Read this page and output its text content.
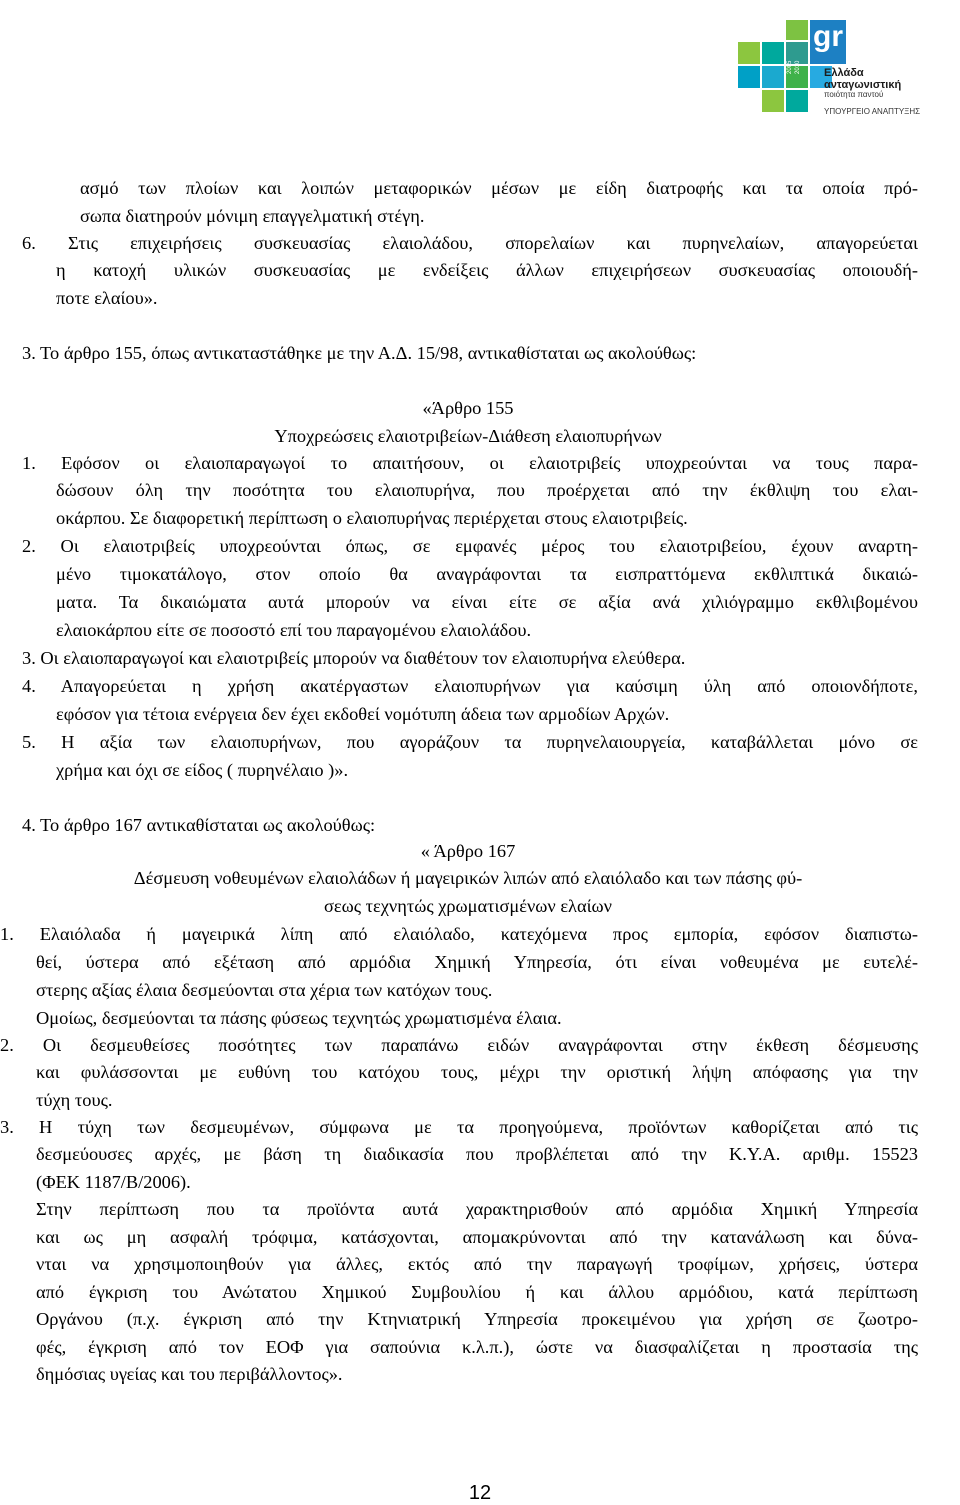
gr
2005 2010 Ελλάδα
ανταγωνιστική
ποιότητα παντού
ΥΠΟΥΡΓΕΙΟ ΑΝΑΠΤΥΞΗΣ
ασμό των πλοίων και λοιπών μεταφορικών μέσων με είδη διατροφής και τα οποία πρό-
σωπα διατηρούν μόνιμη επαγγελματική στέγη.
6. Στις επιχειρήσεις συσκευασίας ελαιολάδου, σπορελαίων και πυρηνελαίων, απαγορεύεται
η κατοχή υλικών συσκευασίας με ενδείξεις άλλων επιχειρήσεων συσκευασίας οποιουδή-
ποτε ελαίου».
3. Το άρθρο 155, όπως αντικαταστάθηκε με την Α.Δ. 15/98, αντικαθίσταται ως ακολούθως:
«Άρθρο 155
Υποχρεώσεις ελαιοτριβείων-Διάθεση ελαιοπυρήνων
1. Εφόσον οι ελαιοπαραγωγοί το απαιτήσουν, οι ελαιοτριβείς υποχρεούνται να τους παρα-
δώσουν όλη την ποσότητα του ελαιοπυρήνα, που προέρχεται από την έκθλιψη του ελαι-
οκάρπου. Σε διαφορετική περίπτωση ο ελαιοπυρήνας περιέρχεται στους ελαιοτριβείς.
2. Οι ελαιοτριβείς υποχρεούνται όπως, σε εμφανές μέρος του ελαιοτριβείου, έχουν αναρτη-
μένο τιμοκατάλογο, στον οποίο θα αναγράφονται τα εισπραττόμενα εκθλιπτικά δικαιώ-
ματα. Τα δικαιώματα αυτά μπορούν να είναι είτε σε αξία ανά χιλιόγραμμο εκθλιβομένου
ελαιοκάρπου είτε σε ποσοστό επί του παραγομένου ελαιολάδου.
3. Οι ελαιοπαραγωγοί και ελαιοτριβείς μπορούν να διαθέτουν τον ελαιοπυρήνα ελεύθερα.
4. Απαγορεύεται η χρήση ακατέργαστων ελαιοπυρήνων για καύσιμη ύλη από οποιονδήποτε,
εφόσον για τέτοια ενέργεια δεν έχει εκδοθεί νομότυπη άδεια των αρμοδίων Αρχών.
5. Η αξία των ελαιοπυρήνων, που αγοράζουν τα πυρηνελαιουργεία, καταβάλλεται μόνο σε
χρήμα και όχι σε είδος ( πυρηνέλαιο )».
4. Το άρθρο 167 αντικαθίσταται ως ακολούθως:
« Άρθρο 167
Δέσμευση νοθευμένων ελαιολάδων ή μαγειρικών λιπών από ελαιόλαδο και των πάσης φύ-
σεως τεχνητώς χρωματισμένων ελαίων
1. Ελαιόλαδα ή μαγειρικά λίπη από ελαιόλαδο, κατεχόμενα προς εμπορία, εφόσον διαπιστω-
θεί, ύστερα από εξέταση από αρμόδια Χημική Υπηρεσία, ότι είναι νοθευμένα με ευτελέ-
στερης αξίας έλαια δεσμεύονται στα χέρια των κατόχων τους.
Ομοίως, δεσμεύονται τα πάσης φύσεως τεχνητώς χρωματισμένα έλαια.
2. Οι δεσμευθείσες ποσότητες των παραπάνω ειδών αναγράφονται στην έκθεση δέσμευσης
και φυλάσσονται με ευθύνη του κατόχου τους, μέχρι την οριστική λήψη απόφασης για την
τύχη τους.
3. Η τύχη των δεσμευμένων, σύμφωνα με τα προηγούμενα, προϊόντων καθορίζεται από τις
δεσμεύουσες αρχές, με βάση τη διαδικασία που προβλέπεται από την Κ.Υ.Α. αριθμ. 15523
(ΦΕΚ 1187/Β/2006).
Στην περίπτωση που τα προϊόντα αυτά χαρακτηρισθούν από αρμόδια Χημική Υπηρεσία
και ως μη ασφαλή τρόφιμα, κατάσχονται, απομακρύνονται από την κατανάλωση και δύνα-
νται να χρησιμοποιηθούν για άλλες, εκτός από την παραγωγή τροφίμων, χρήσεις, ύστερα
από έγκριση του Ανώτατου Χημικού Συμβουλίου ή και άλλου αρμόδιου, κατά περίπτωση
Οργάνου (π.χ. έγκριση από την Κτηνιατρική Υπηρεσία προκειμένου για χρήση σε ζωοτρο-
φές, έγκριση από τον ΕΟΦ για σαπούνια κ.λ.π.), ώστε να διασφαλίζεται η προστασία της
δημόσιας υγείας και του περιβάλλοντος».
12
